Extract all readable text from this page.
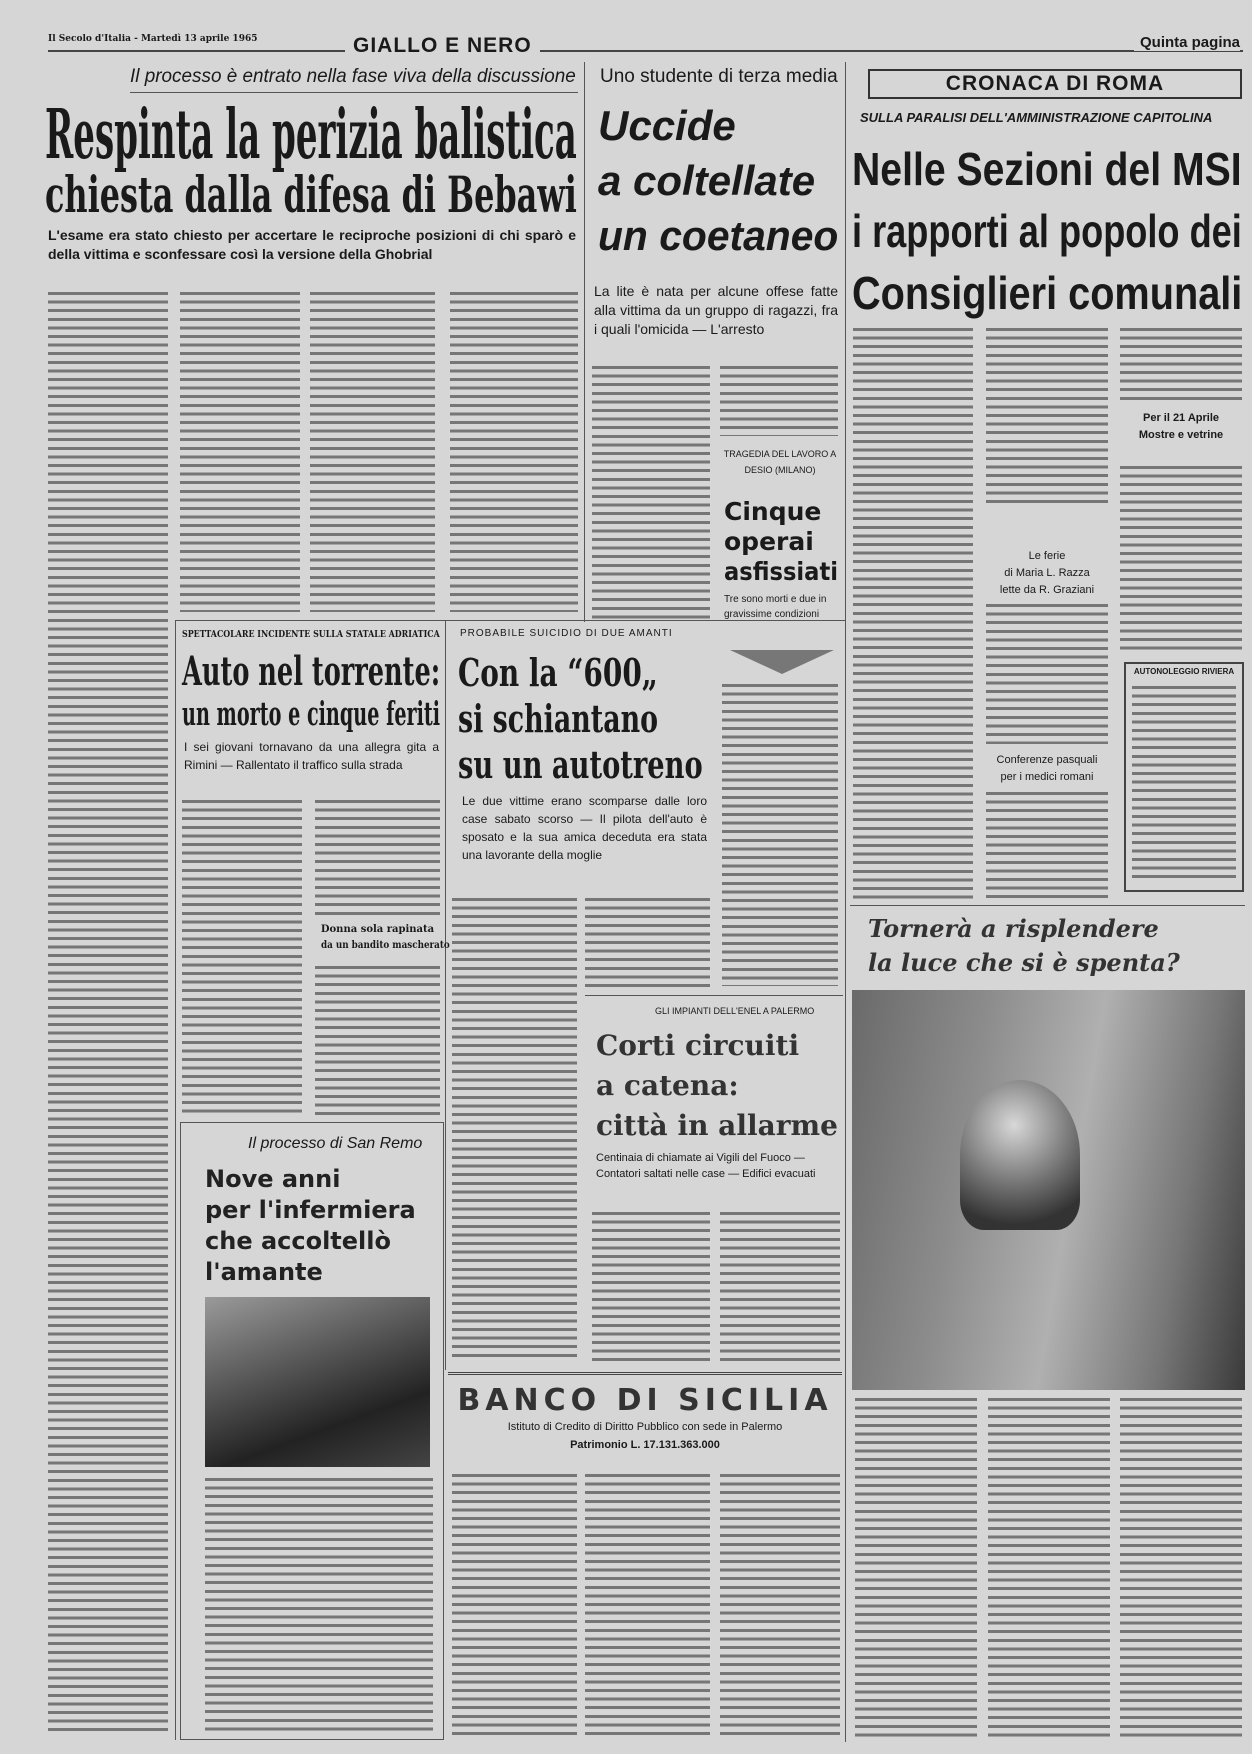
Il Secolo d'Italia - Martedì 13 aprile 1965	GIALLO E NERO	Quinta pagina
Il processo è entrato nella fase viva della discussione
Respinta la perizia balistica
chiesta dalla difesa di Bebawi
L'esame era stato chiesto per accertare le reciproche posizioni di chi sparò e della vittima e sconfessare così la versione della Ghobrial
Uno studente di terza media
Uccide
a coltellate
un coetaneo
La lite è nata per alcune offese fatte alla vittima da un gruppo di ragazzi, fra i quali l'omicida — L'arresto
TRAGEDIA DEL LAVORO A DESIO (MILANO)
Cinque
operai
asfissiati
Tre sono morti e due in gravissime condizioni
CRONACA DI ROMA
SULLA PARALISI DELL'AMMINISTRAZIONE CAPITOLINA
Nelle Sezioni del MSI
i rapporti al popolo dei
Consiglieri comunali
Le ferie
di Maria L. Razza
lette da R. Graziani
Conferenze pasquali
per i medici romani
Per il 21 Aprile Mostre e vetrine
AUTONOLEGGIO RIVIERA
SPETTACOLARE INCIDENTE SULLA STATALE ADRIATICA
Auto nel torrente:
un morto e cinque feriti
I sei giovani tornavano da una allegra gita a Rimini — Rallentato il traffico sulla strada
Donna sola rapinata
da un bandito mascherato
PROBABILE SUICIDIO DI DUE AMANTI
Con la “600„
si schiantano
su un autotreno
Le due vittime erano scomparse dalle loro case sabato scorso — Il pilota dell'auto è sposato e la sua amica deceduta era stata una lavorante della moglie
GLI IMPIANTI DELL'ENEL A PALERMO
Corti circuiti
a catena:
città in allarme
Centinaia di chiamate ai Vigili del Fuoco — Contatori saltati nelle case — Edifici evacuati
Il processo di San Remo
Nove anni
per l'infermiera
che accoltellò
l'amante
BANCO DI SICILIA
Istituto di Credito di Diritto Pubblico con sede in Palermo
Patrimonio L. 17.131.363.000
Tornerà a risplendere
la luce che si è spenta?
